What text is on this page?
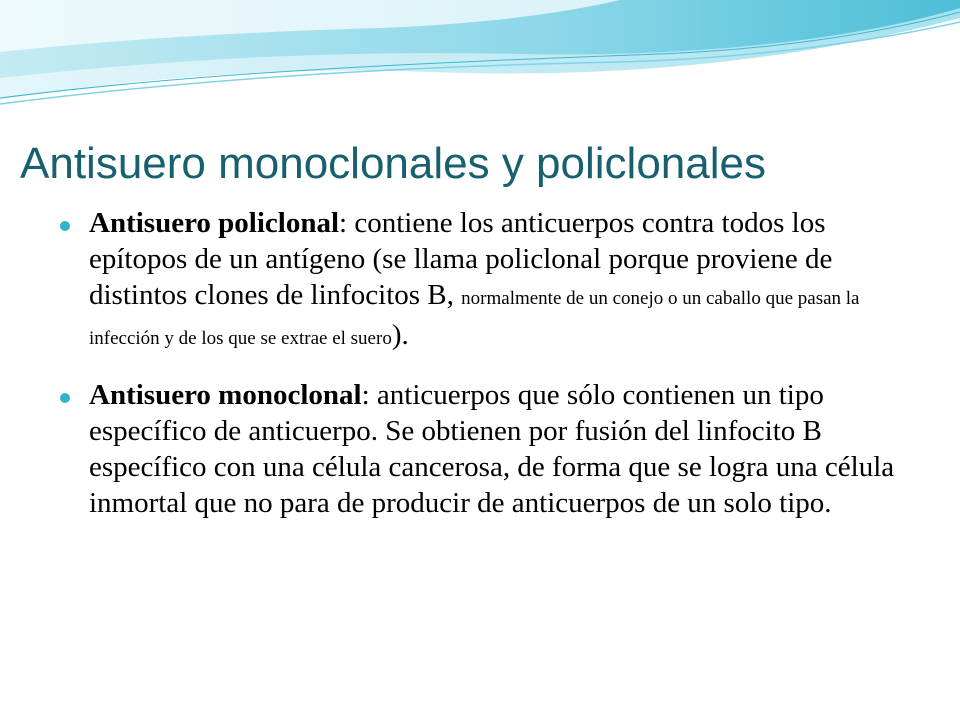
Antisuero monoclonales y policlonales
Antisuero policlonal: contiene los anticuerpos contra todos los epítopos de un antígeno (se llama policlonal porque proviene de distintos clones de linfocitos B, normalmente de un conejo o un caballo que pasan la infección y de los que se extrae el suero).
Antisuero monoclonal: anticuerpos que sólo contienen un tipo específico de anticuerpo. Se obtienen por fusión del linfocito B específico con una célula cancerosa, de forma que se logra una célula inmortal que no para de producir de anticuerpos de un solo tipo.
